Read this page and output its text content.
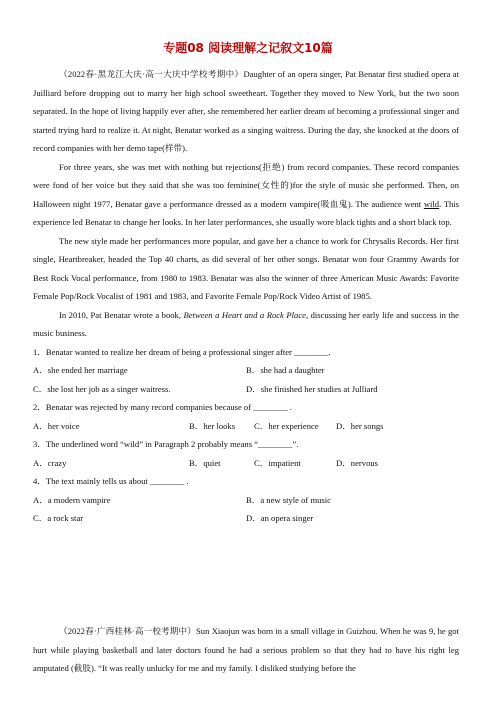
专题08 阅读理解之记叙文10篇

（2022春·黑龙江大庆·高一大庆中学校考期中）Daughter of an opera singer, Pat Benatar first studied opera at Juilliard before dropping out to marry her high school sweetheart. Together they moved to New York, but the two soon separated. In the hope of living happily ever after, she remembered her earlier dream of becoming a professional singer and started trying hard to realize it. At night, Benatar worked as a singing waitress. During the day, she knocked at the doors of record companies with her demo tape(样带).

For three years, she was met with nothing but rejections(拒绝) from record companies. These record companies were fond of her voice but they said that she was too feminine(女性的)for the style of music she performed. Then, on Halloween night 1977, Benatar gave a performance dressed as a modern vampire(吸血鬼). The audience went wild. This experience led Benatar to change her looks. In her later performances, she usually wore black tights and a short black top.

The new style made her performances more popular, and gave her a chance to work for Chrysalis Records. Her first single, Heartbreaker, headed the Top 40 charts, as did several of her other songs. Benatar won four Grammy Awards for Best Rock Vocal performance, from 1980 to 1983. Benatar was also the winner of three American Music Awards: Favorite Female Pop/Rock Vocalist of 1981 and 1983, and Favorite Female Pop/Rock Video Artist of 1985.

In 2010, Pat Benatar wrote a book, Between a Heart and a Rock Place, discussing her early life and success in the music business.

1．Benatar wanted to realize her dream of being a professional singer after ________.

A．she ended her marriage	B．she had a daughter
C．she lost her job as a singer waitress.	D．she finished her studies at Julliard

2．Benatar was rejected by many record companies because of ________ .

A．her voice	B．her looks	C．her experience	D．her songs

3．The underlined word “wild” in Paragraph 2 probably means “________”.

A．crazy	B．quiet	C．impatient	D．nervous

4．The text mainly tells us about ________ .

A．a modern vampire	B．a new style of music
C．a rock star	D．an opera singer

（2022春·广西桂林·高一校考期中）Sun Xiaojun was born in a small village in Guizhou. When he was 9, he got hurt while playing basketball and later doctors found he had a serious problem so that they had to have his right leg amputated (截肢). “It was really unlucky for me and my family. I disliked studying before the
